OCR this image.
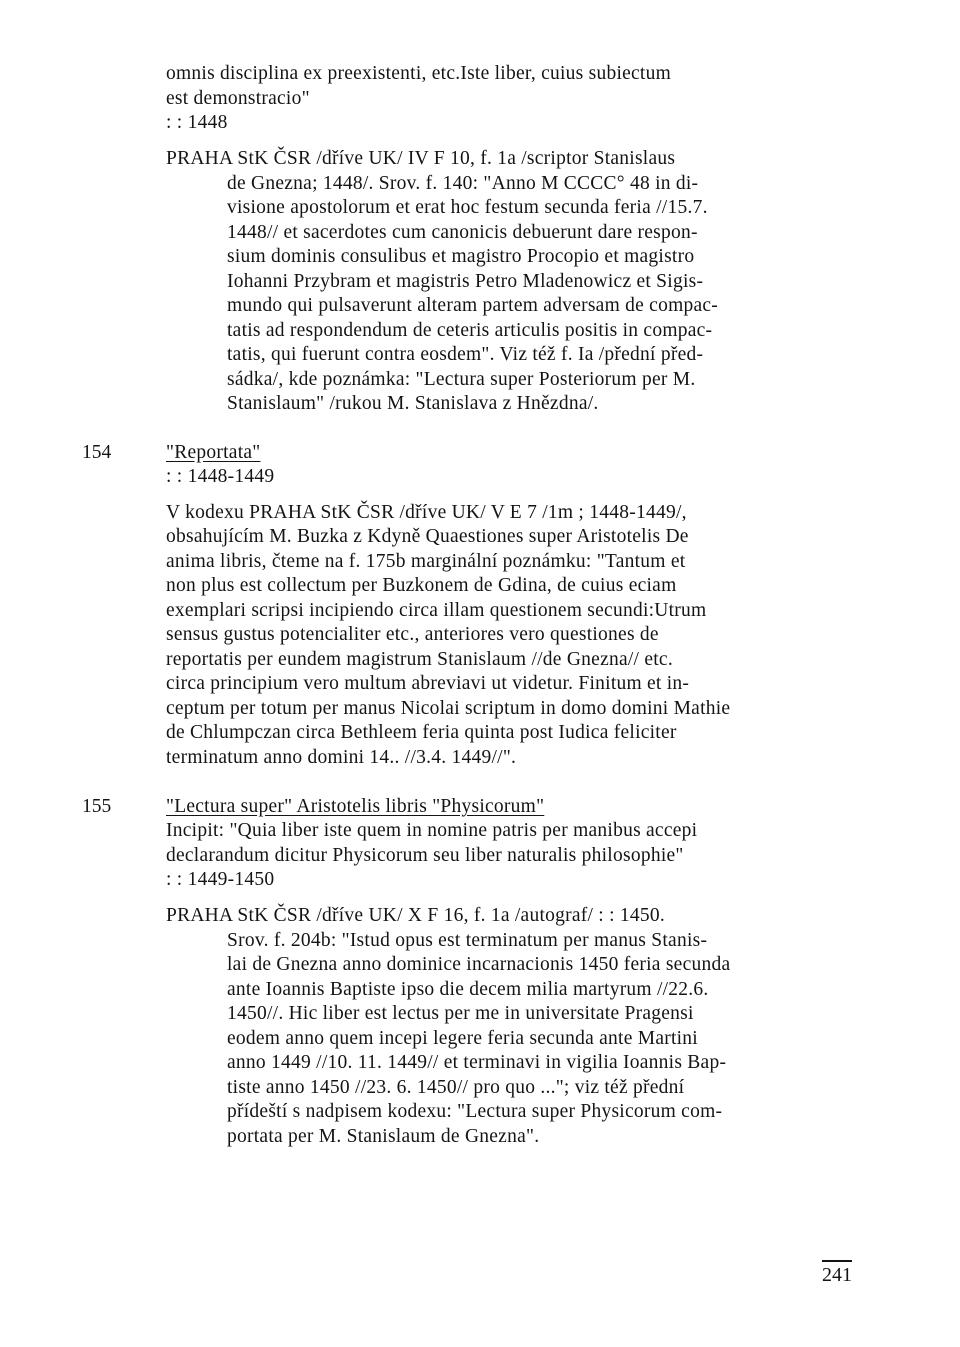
omnis disciplina ex preexistenti, etc.Iste liber, cuius subiectum
est demonstracio"
: : 1448
PRAHA StK ČSR /dříve UK/ IV F 10, f. 1a /scriptor Stanislaus
de Gnezna; 1448/. Srov. f. 140: "Anno M CCCC° 48 in di-
visione apostolorum et erat hoc festum secunda feria //15.7.
1448// et sacerdotes cum canonicis debuerunt dare respon-
sium dominis consulibus et magistro Procopio et magistro
Iohanni Przybram et magistris Petro Mladenowicz et Sigis-
mundo qui pulsaverunt alteram partem adversam de compac-
tatis ad respondendum de ceteris articulis positis in compac-
tatis, qui fuerunt contra eosdem". Viz též f. Ia /přední před-
sádka/, kde poznámka: "Lectura super Posteriorum per M.
Stanislaum" /rukou M. Stanislava z Hnězdna/.
154	"Reportata"
: : 1448-1449
V kodexu PRAHA StK ČSR /dříve UK/ V E 7 /1m ; 1448-1449/,
obsahujícím M. Buzka z Kdyně Quaestiones super Aristotelis De
anima libris, čteme na f. 175b marginální poznámku: "Tantum et
non plus est collectum per Buzkonem de Gdina, de cuius eciam
exemplari scripsi incipiendo circa illam questionem secundi:Utrum
sensus gustus potencialiter etc., anteriores vero questiones de
reportatis per eundem magistrum Stanislaum //de Gnezna// etc.
circa principium vero multum abreviavi ut videtur. Finitum et in-
ceptum per totum per manus Nicolai scriptum in domo domini Mathie
de Chlumpczan circa Bethleem feria quinta post Iudica feliciter
terminatum anno domini 14.. //3.4. 1449//".
155	"Lectura super" Aristotelis libris "Physicorum"
Incipit: "Quia liber iste quem in nomine patris per manibus accepi
declarandum dicitur Physicorum seu liber naturalis philosophie"
: : 1449-1450
PRAHA StK ČSR /dříve UK/ X F 16, f. 1a /autograf/ : : 1450.
Srov. f. 204b: "Istud opus est terminatum per manus Stanis-
lai de Gnezna anno dominice incarnacionis 1450 feria secunda
ante Ioannis Baptiste ipso die decem milia martyrum //22.6.
1450//. Hic liber est lectus per me in universitate Pragensi
eodem anno quem incepi legere feria secunda ante Martini
anno 1449 //10. 11. 1449// et terminavi in vigilia Ioannis Bap-
tiste anno 1450 //23. 6. 1450// pro quo ..."; viz též přední
přídeští s nadpisem kodexu: "Lectura super Physicorum com-
portata per M. Stanislaum de Gnezna".
241
